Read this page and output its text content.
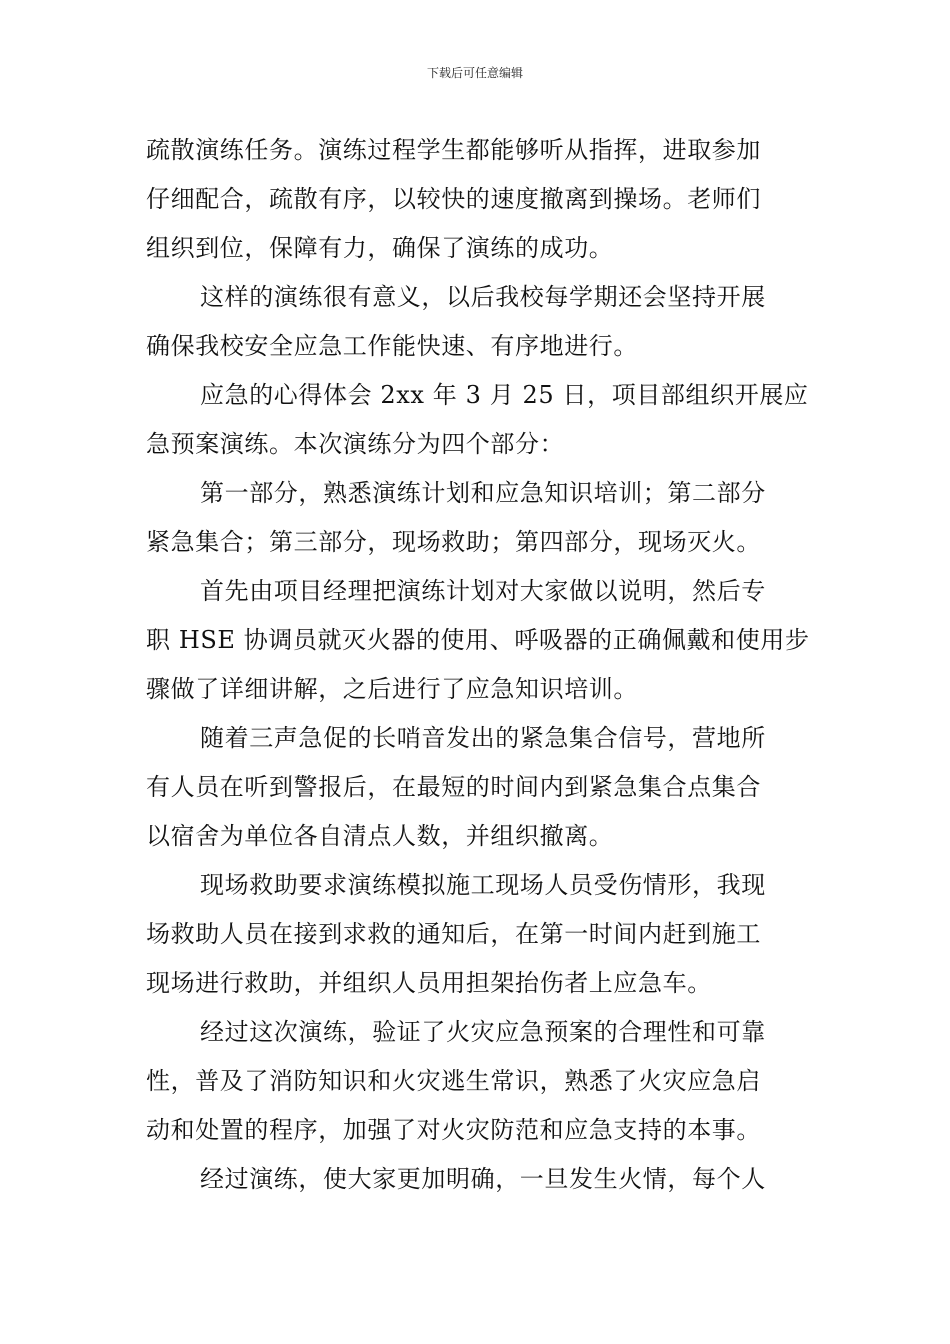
下载后可任意编辑

疏散演练任务。演练过程学生都能够听从指挥，进取参加
仔细配合，疏散有序，以较快的速度撤离到操场。老师们
组织到位，保障有力，确保了演练的成功。

这样的演练很有意义，以后我校每学期还会坚持开展
确保我校安全应急工作能快速、有序地进行。

应急的心得体会 2xx 年 3 月 25 日，项目部组织开展应
急预案演练。本次演练分为四个部分：

第一部分，熟悉演练计划和应急知识培训；第二部分
紧急集合；第三部分，现场救助；第四部分，现场灭火。

首先由项目经理把演练计划对大家做以说明，然后专
职 HSE 协调员就灭火器的使用、呼吸器的正确佩戴和使用步
骤做了详细讲解，之后进行了应急知识培训。

随着三声急促的长哨音发出的紧急集合信号，营地所
有人员在听到警报后，在最短的时间内到紧急集合点集合
以宿舍为单位各自清点人数，并组织撤离。

现场救助要求演练模拟施工现场人员受伤情形，我现
场救助人员在接到求救的通知后，在第一时间内赶到施工
现场进行救助，并组织人员用担架抬伤者上应急车。

经过这次演练，验证了火灾应急预案的合理性和可靠
性，普及了消防知识和火灾逃生常识，熟悉了火灾应急启
动和处置的程序，加强了对火灾防范和应急支持的本事。

经过演练，使大家更加明确，一旦发生火情，每个人
